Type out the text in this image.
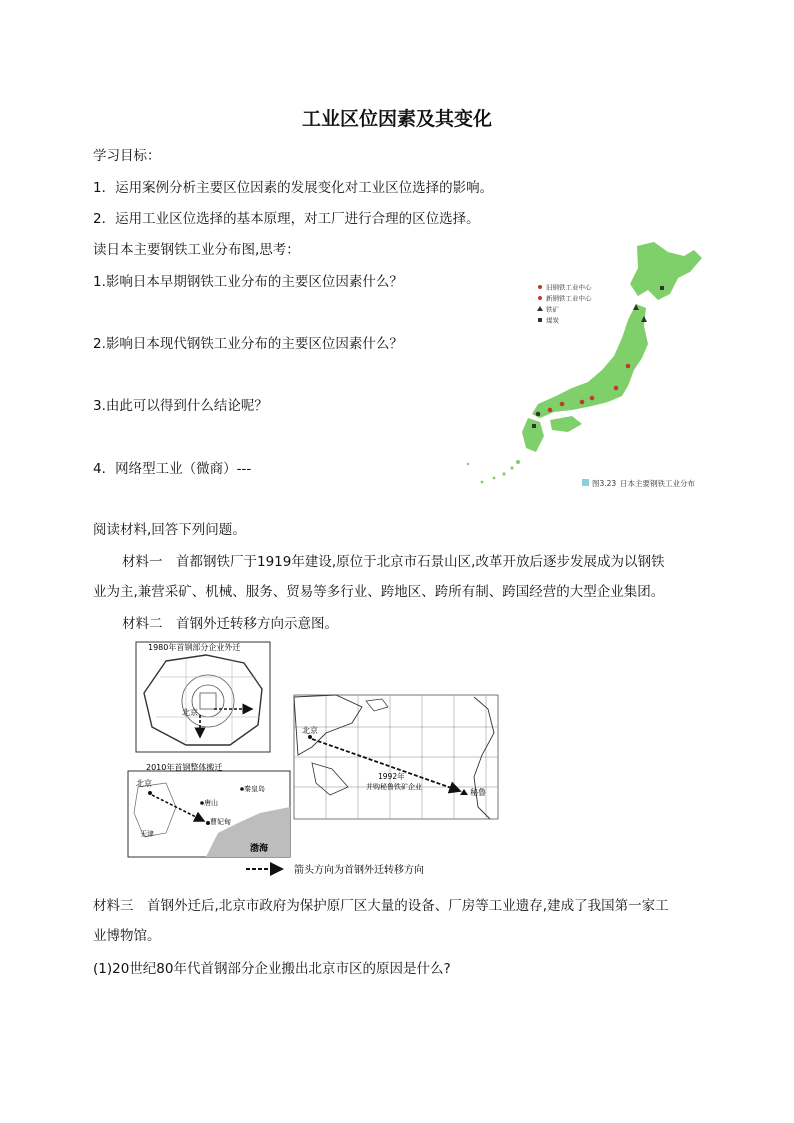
工业区位因素及其变化
学习目标：
1．运用案例分析主要区位因素的发展变化对工业区位选择的影响。
2．运用工业区位选择的基本原理，对工厂进行合理的区位选择。
读日本主要钢铁工业分布图,思考：
1.影响日本早期钢铁工业分布的主要区位因素什么？
2.影响日本现代钢铁工业分布的主要区位因素什么？
3.由此可以得到什么结论呢？
4．网络型工业（微商）---
旧钢铁工业中心
新钢铁工业中心
铁矿
煤炭
图3.23 日本主要钢铁工业分布
阅读材料,回答下列问题。
材料一　首都钢铁厂于1919年建设,原位于北京市石景山区,改革开放后逐步发展成为以钢铁
业为主,兼营采矿、机械、服务、贸易等多行业、跨地区、跨所有制、跨国经营的大型企业集团。
材料二　首钢外迁转移方向示意图。
1980年首钢部分企业外迁
北京
2010年首钢整体搬迁
北京
唐山
曹妃甸
秦皇岛
天津
渤海
北京
1992年
并购秘鲁铁矿企业
秘鲁
箭头方向为首钢外迁转移方向
材料三　首钢外迁后,北京市政府为保护原厂区大量的设备、厂房等工业遗存,建成了我国第一家工
业博物馆。
(1)20世纪80年代首钢部分企业搬出北京市区的原因是什么?
